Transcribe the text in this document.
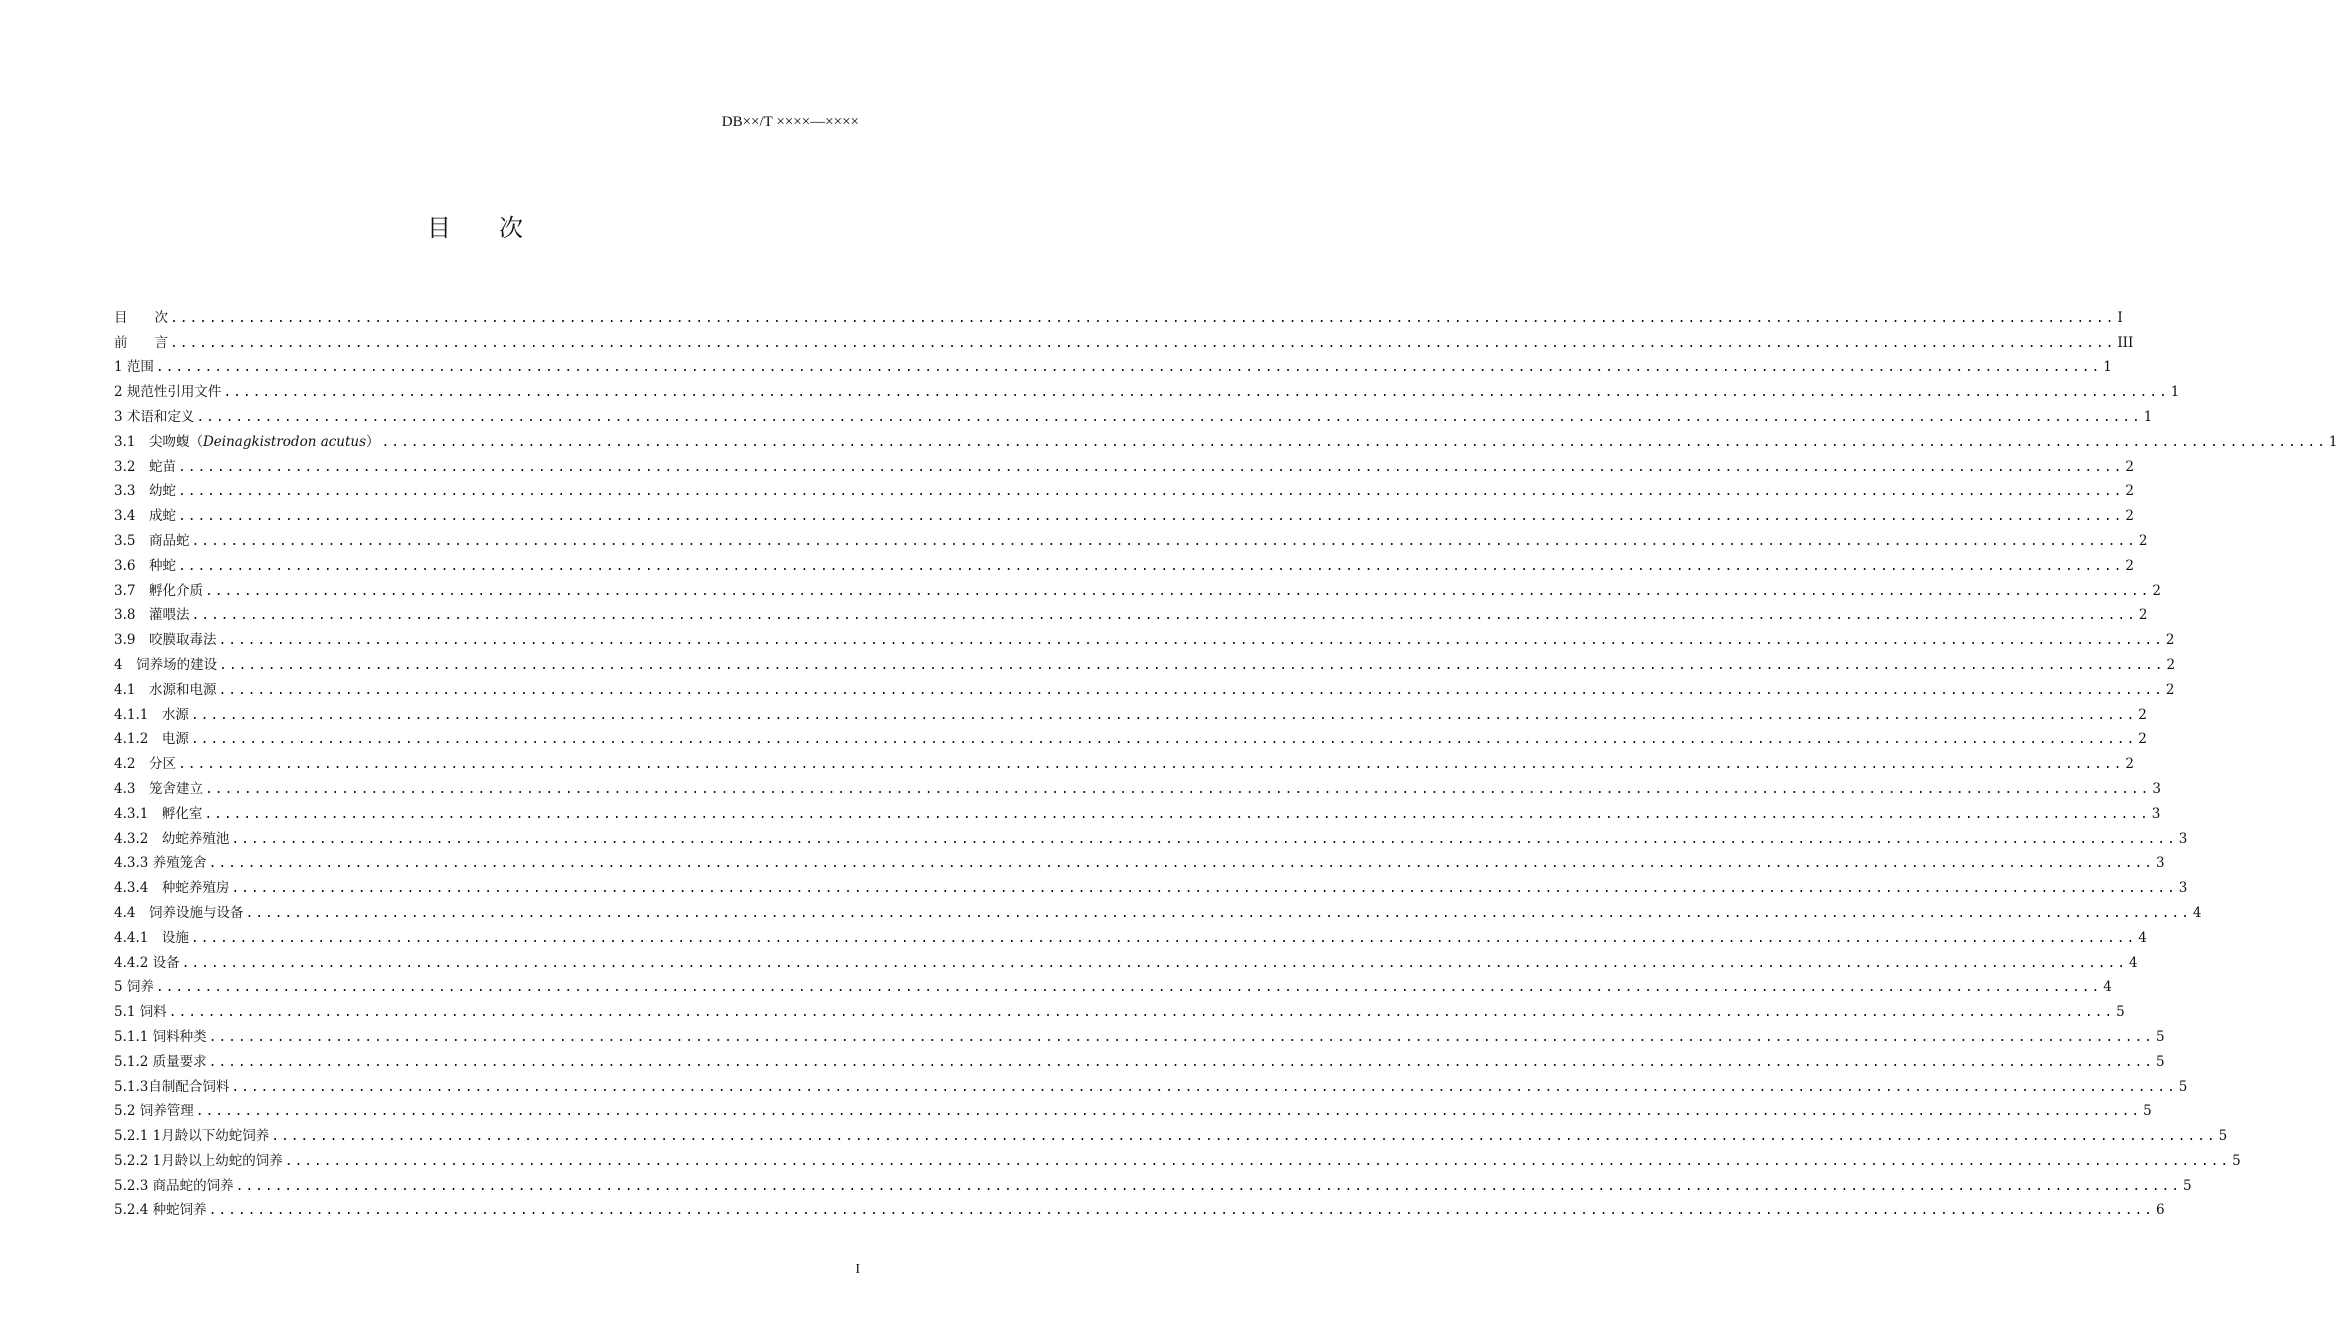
DB××/T ××××—××××
目　　次
目　　次 ........................................................................................................................................................................................................ I
前　　言 ........................................................................................................................................................................................................ III
1 范围 ........................................................................................................................................................................................................ 1
2 规范性引用文件 ........................................................................................................................................................................................................ 1
3 术语和定义 ........................................................................................................................................................................................................ 1
3.1　尖吻蝮（Deinagkistrodon acutus） ........................................................................................................................................................................................................ 1
3.2　蛇苗 ........................................................................................................................................................................................................ 2
3.3　幼蛇 ........................................................................................................................................................................................................ 2
3.4　成蛇 ........................................................................................................................................................................................................ 2
3.5　商品蛇 ........................................................................................................................................................................................................ 2
3.6　种蛇 ........................................................................................................................................................................................................ 2
3.7　孵化介质 ........................................................................................................................................................................................................ 2
3.8　灌喂法 ........................................................................................................................................................................................................ 2
3.9　咬膜取毒法 ........................................................................................................................................................................................................ 2
4　饲养场的建设 ........................................................................................................................................................................................................ 2
4.1　水源和电源 ........................................................................................................................................................................................................ 2
4.1.1　水源 ........................................................................................................................................................................................................ 2
4.1.2　电源 ........................................................................................................................................................................................................ 2
4.2　分区 ........................................................................................................................................................................................................ 2
4.3　笼舍建立 ........................................................................................................................................................................................................ 3
4.3.1　孵化室 ........................................................................................................................................................................................................ 3
4.3.2　幼蛇养殖池 ........................................................................................................................................................................................................ 3
4.3.3 养殖笼舍 ........................................................................................................................................................................................................ 3
4.3.4　种蛇养殖房 ........................................................................................................................................................................................................ 3
4.4　饲养设施与设备 ........................................................................................................................................................................................................ 4
4.4.1　设施 ........................................................................................................................................................................................................ 4
4.4.2 设备 ........................................................................................................................................................................................................ 4
5 饲养 ........................................................................................................................................................................................................ 4
5.1 饲料 ........................................................................................................................................................................................................ 5
5.1.1 饲料种类 ........................................................................................................................................................................................................ 5
5.1.2 质量要求 ........................................................................................................................................................................................................ 5
5.1.3自制配合饲料 ........................................................................................................................................................................................................ 5
5.2 饲养管理 ........................................................................................................................................................................................................ 5
5.2.1 1月龄以下幼蛇饲养 ........................................................................................................................................................................................................ 5
5.2.2 1月龄以上幼蛇的饲养 ........................................................................................................................................................................................................ 5
5.2.3 商品蛇的饲养 ........................................................................................................................................................................................................ 5
5.2.4 种蛇饲养 ........................................................................................................................................................................................................ 6
I
